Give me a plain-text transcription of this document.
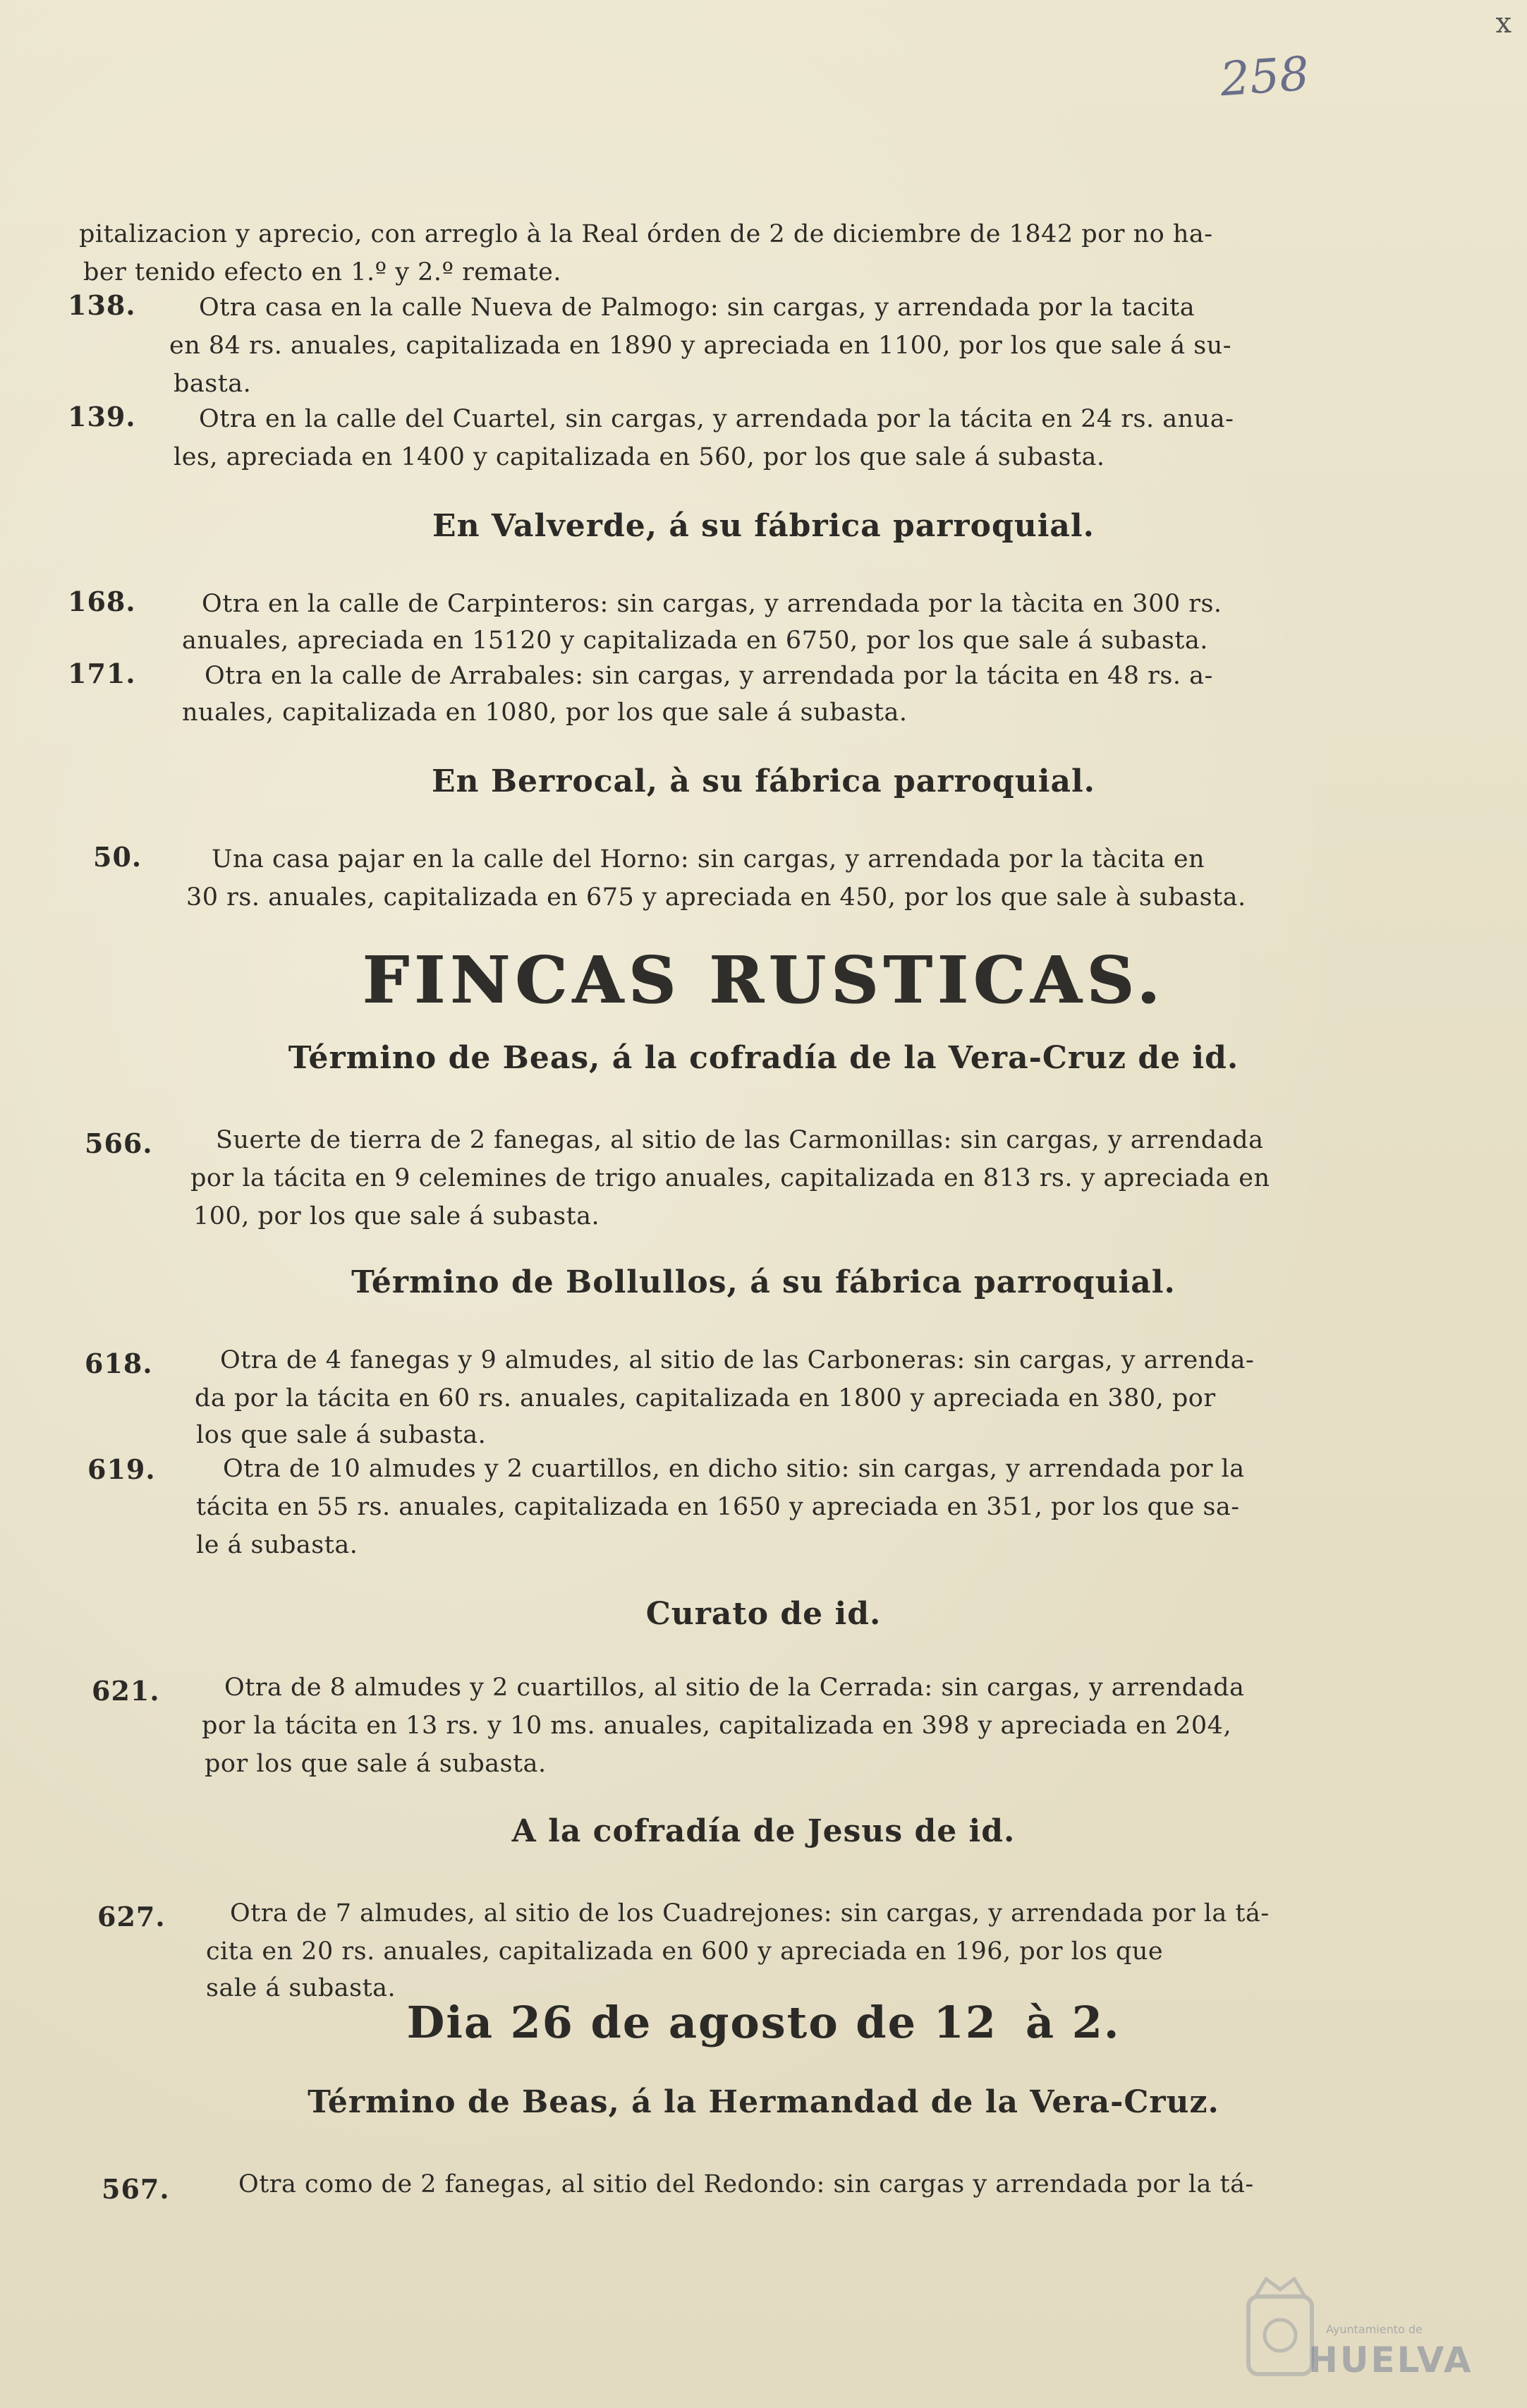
x
258
pitalizacion y aprecio, con arreglo à la Real órden de 2 de diciembre de 1842 por no ha-
ber tenido efecto en 1.º y 2.º remate.
138.	Otra casa en la calle Nueva de Palmogo: sin cargas, y arrendada por la tacita
en 84 rs. anuales, capitalizada en 1890 y apreciada en 1100, por los que sale á su-
basta.
139.	Otra en la calle del Cuartel, sin cargas, y arrendada por la tácita en 24 rs. anua-
les, apreciada en 1400 y capitalizada en 560, por los que sale á subasta.
En Valverde, á su fábrica parroquial.
168.	Otra en la calle de Carpinteros: sin cargas, y arrendada por la tàcita en 300 rs.
anuales, apreciada en 15120 y capitalizada en 6750, por los que sale á subasta.
171.	Otra en la calle de Arrabales: sin cargas, y arrendada por la tácita en 48 rs. a-
nuales, capitalizada en 1080, por los que sale á subasta.
En Berrocal, à su fábrica parroquial.
50.	Una casa pajar en la calle del Horno: sin cargas, y arrendada por la tàcita en
30 rs. anuales, capitalizada en 675 y apreciada en 450, por los que sale à subasta.
FINCAS RUSTICAS.
Término de Beas, á la cofradía de la Vera-Cruz de id.
566.	Suerte de tierra de 2 fanegas, al sitio de las Carmonillas: sin cargas, y arrendada
por la tácita en 9 celemines de trigo anuales, capitalizada en 813 rs. y apreciada en
100, por los que sale á subasta.
Término de Bollullos, á su fábrica parroquial.
618.	Otra de 4 fanegas y 9 almudes, al sitio de las Carboneras: sin cargas, y arrenda-
da por la tácita en 60 rs. anuales, capitalizada en 1800 y apreciada en 380, por
los que sale á subasta.
619.	Otra de 10 almudes y 2 cuartillos, en dicho sitio: sin cargas, y arrendada por la
tácita en 55 rs. anuales, capitalizada en 1650 y apreciada en 351, por los que sa-
le á subasta.
Curato de id.
621.	Otra de 8 almudes y 2 cuartillos, al sitio de la Cerrada: sin cargas, y arrendada
por la tácita en 13 rs. y 10 ms. anuales, capitalizada en 398 y apreciada en 204,
por los que sale á subasta.
A la cofradía de Jesus de id.
627.	Otra de 7 almudes, al sitio de los Cuadrejones: sin cargas, y arrendada por la tá-
cita en 20 rs. anuales, capitalizada en 600 y apreciada en 196, por los que
sale á subasta.
Dia 26 de agosto de 12 à 2.
Término de Beas, á la Hermandad de la Vera-Cruz.
567.	Otra como de 2 fanegas, al sitio del Redondo: sin cargas y arrendada por la tá-
Ayuntamiento de
HUELVA
